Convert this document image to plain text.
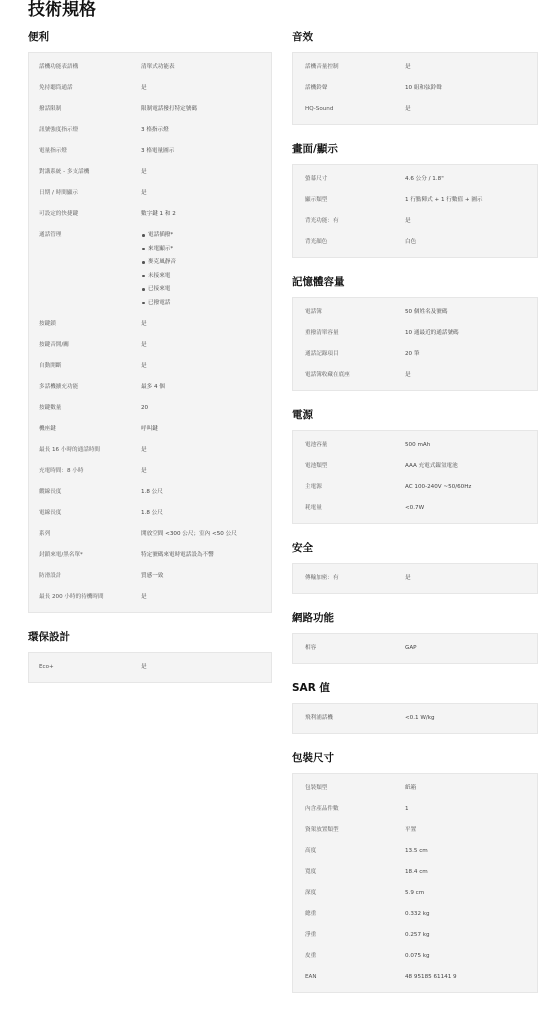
技術規格
便利
話機功能表語構	清單式功能表
免持聽筒通話	是
撥話限制	限制電話撥打特定號碼
訊號強度指示燈	3 格指示燈
電量指示燈	3 格電量圖示
對講系統 - 多支話機	是
日期 / 時間顯示	是
可設定的快捷鍵	數字鍵 1 和 2
通話管理	電話插撥*
來電顯示*
麥克風靜音
未接來電
已接來電
已撥電話
按鍵鎖	是
按鍵音開/關	是
自動開斷	是
多話機擴充功能	最多 4 個
按鍵數量	20
機座鍵	呼叫鍵
最長 16 小時的通話時間	是
充電時間：8 小時	是
纜線長度	1.8 公尺
電線長度	1.8 公尺
系列	開放空間 <300 公尺；室內 <50 公尺
封鎖來電/黑名單*	特定號碼來電時電話設為不響
防滑設計	質感一致
最長 200 小時的待機時間	是
環保設計
Eco+	是
音效
話機音量控制	是
話機鈴聲	10 組和弦鈴聲
HQ-Sound	是
畫面/顯示
螢幕尺寸	4.6 公分 / 1.8"
顯示類型	1 行點陣式 + 1 行數值 + 圖示
背光功能：有	是
背光顏色	白色
記憶體容量
電話簿	50 個姓名及號碼
重撥清單容量	10 通最近的通話號碼
通話記錄項目	20 筆
電話簿收藏在底座	是
電源
電池容量	500 mAh
電池類型	AAA 充電式鎳氫電池
主電源	AC 100-240V ~50/60Hz
耗電量	<0.7W
安全
傳輸加密：有	是
網路功能
相容	GAP
SAR 值
飛利浦話機	<0.1 W/kg
包裝尺寸
包裝類型	紙箱
內含產品件數	1
資架放置類型	平置
高度	13.5 cm
寬度	18.4 cm
深度	5.9 cm
總重	0.332 kg
淨重	0.257 kg
皮重	0.075 kg
EAN	48 95185 61141 9
